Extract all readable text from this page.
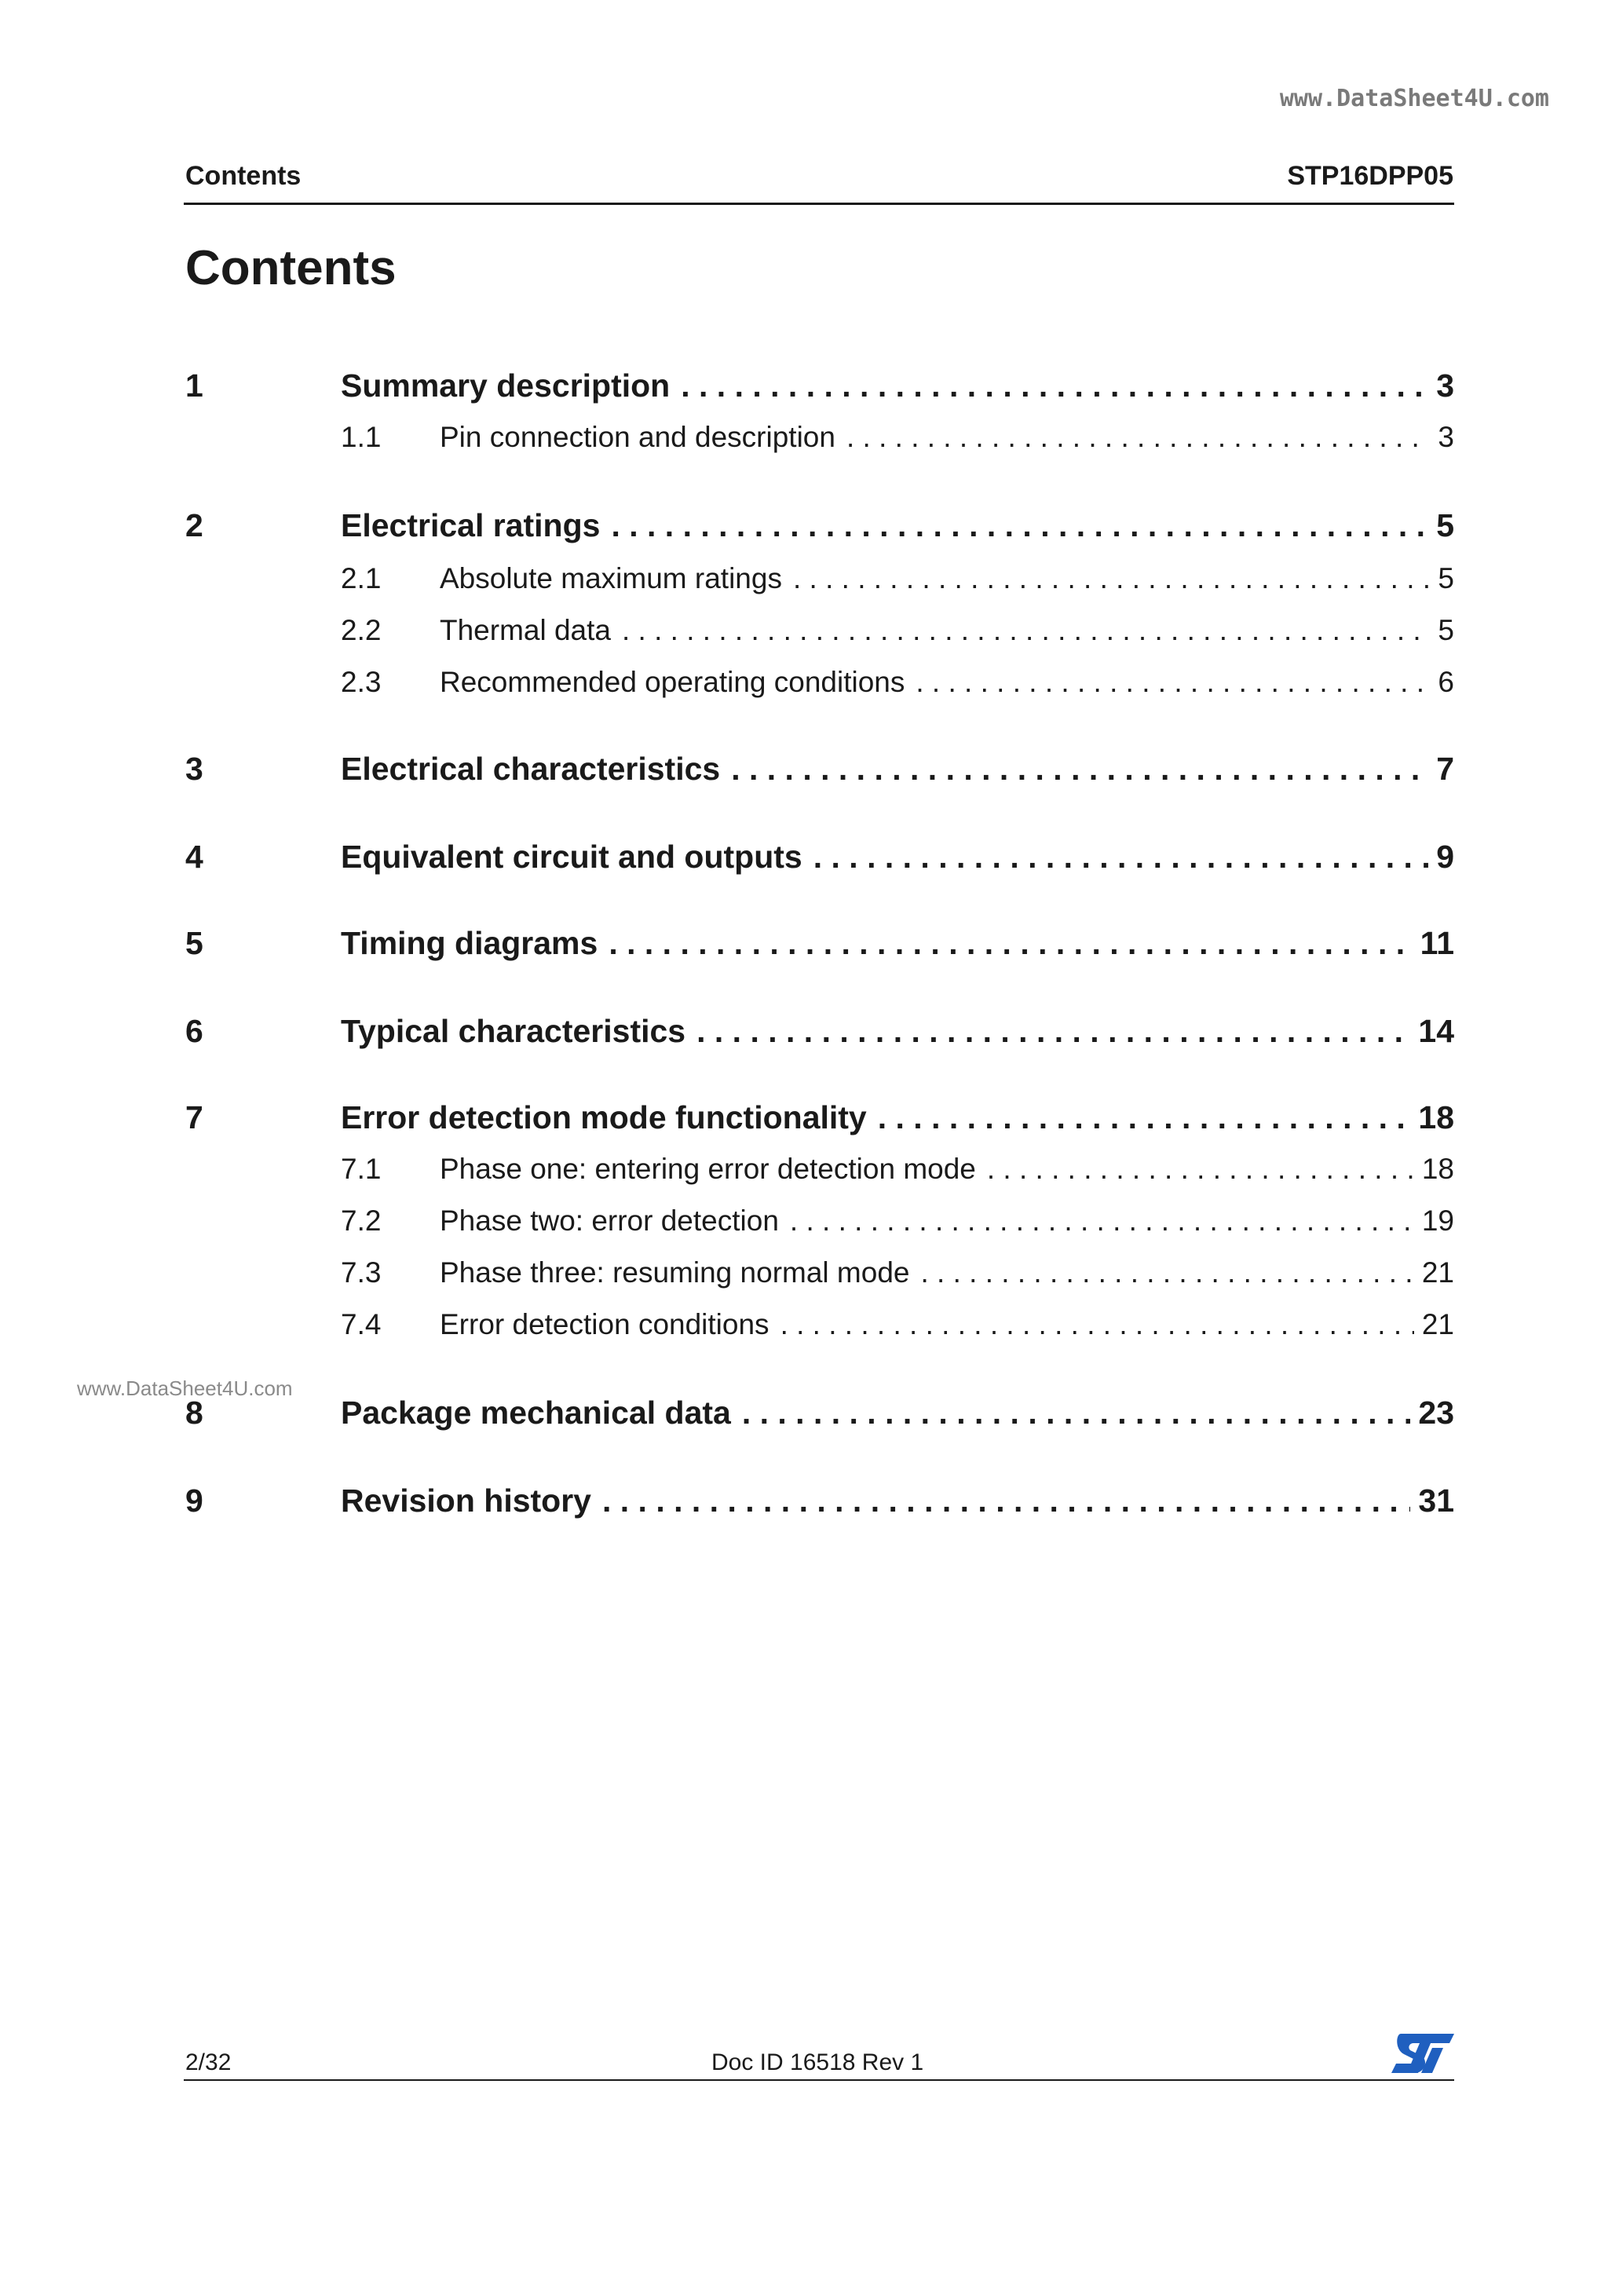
www.DataSheet4U.com
Contents	STP16DPP05
Contents
1	Summary description . . .	3
1.1	Pin connection and description . . .	3
2	Electrical ratings . . .	5
2.1	Absolute maximum ratings . . .	5
2.2	Thermal data . . .	5
2.3	Recommended operating conditions . . .	6
3	Electrical characteristics . . .	7
4	Equivalent circuit and outputs . . .	9
5	Timing diagrams . . .	11
6	Typical characteristics . . .	14
7	Error detection mode functionality . . .	18
7.1	Phase one: entering error detection mode . . .	18
7.2	Phase two: error detection . . .	19
7.3	Phase three: resuming normal mode . . .	21
7.4	Error detection conditions . . .	21
8	Package mechanical data . . .	23
9	Revision history . . .	31
www.DataSheet4U.com
2/32	Doc ID 16518 Rev 1
